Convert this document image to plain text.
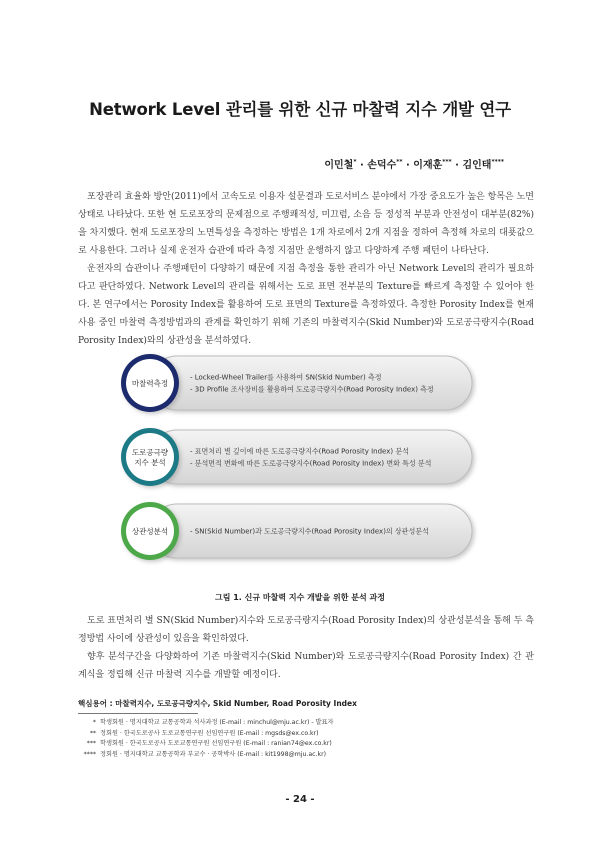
Network Level 관리를 위한 신규 마찰력 지수 개발 연구
이민철* · 손덕수** · 이재훈*** · 김인태****

포장관리 효율화 방안(2011)에서 고속도로 이용자 설문결과 도로서비스 분야에서 가장 중요도가 높은 항목은 노면상태로 나타났다. 또한 현 도로포장의 문제점으로 주행쾌적성, 미끄럼, 소음 등 정성적 부분과 안전성이 대부분(82%)을 차지했다. 현재 도로포장의 노면특성을 측정하는 방법은 1개 차로에서 2개 지점을 정하여 측정해 차로의 대푯값으로 사용한다. 그러나 실제 운전자 습관에 따라 측정 지점만 운행하지 않고 다양하게 주행 패턴이 나타난다.

운전자의 습관이나 주행패턴이 다양하기 때문에 지점 측정을 통한 관리가 아닌 Network Level의 관리가 필요하다고 판단하였다. Network Level의 관리를 위해서는 도로 표면 전부분의 Texture를 빠르게 측정할 수 있어야 한다. 본 연구에서는 Porosity Index를 활용하여 도로 표면의 Texture를 측정하였다. 측정한 Porosity Index를 현재 사용 중인 마찰력 측정방법과의 관계를 확인하기 위해 기존의 마찰력지수(Skid Number)와 도로공극량지수(Road Porosity Index)와의 상관성을 분석하였다.

마찰력측정
- Locked-Wheel Trailer를 사용하여 SN(Skid Number) 측정
- 3D Profile 조사장비를 활용하여 도로공극량지수(Road Porosity Index) 측정
도로공극량
지수 분석
- 표면처리 별 깊이에 따른 도로공극량지수(Road Porosity Index) 분석
- 분석면적 변화에 따른 도로공극량지수(Road Porosity Index) 변화 특성 분석
상관성분석	- SN(Skid Number)과 도로공극량지수(Road Porosity Index)의 상관성분석
그림 1. 신규 마찰력 지수 개발을 위한 분석 과정

도로 표면처리 별 SN(Skid Number)지수와 도로공극량지수(Road Porosity Index)의 상관성분석을 통해 두 측정방법 사이에 상관성이 있음을 확인하였다.

향후 분석구간을 다양화하여 기존 마찰력지수(Skid Number)와 도로공극량지수(Road Porosity Index) 간 관계식을 정립해 신규 마찰력 지수를 개발할 예정이다.

핵심용어 : 마찰력지수, 도로공극량지수, Skid Number, Road Porosity Index
* 학생회원 · 명지대학교 교통공학과 석사과정 (E-mail : minchul@mju.ac.kr) - 발표자
** 정회원 · 한국도로공사 도로교통연구원 선임연구원 (E-mail : mgsds@ex.co.kr)
*** 학생회원 · 한국도로공사 도로교통연구원 선임연구원 (E-mail : ranian74@ex.co.kr)
**** 정회원 · 명지대학교 교통공학과 부교수 · 공학박사 (E-mail : kit1998@mju.ac.kr)
- 24 -
